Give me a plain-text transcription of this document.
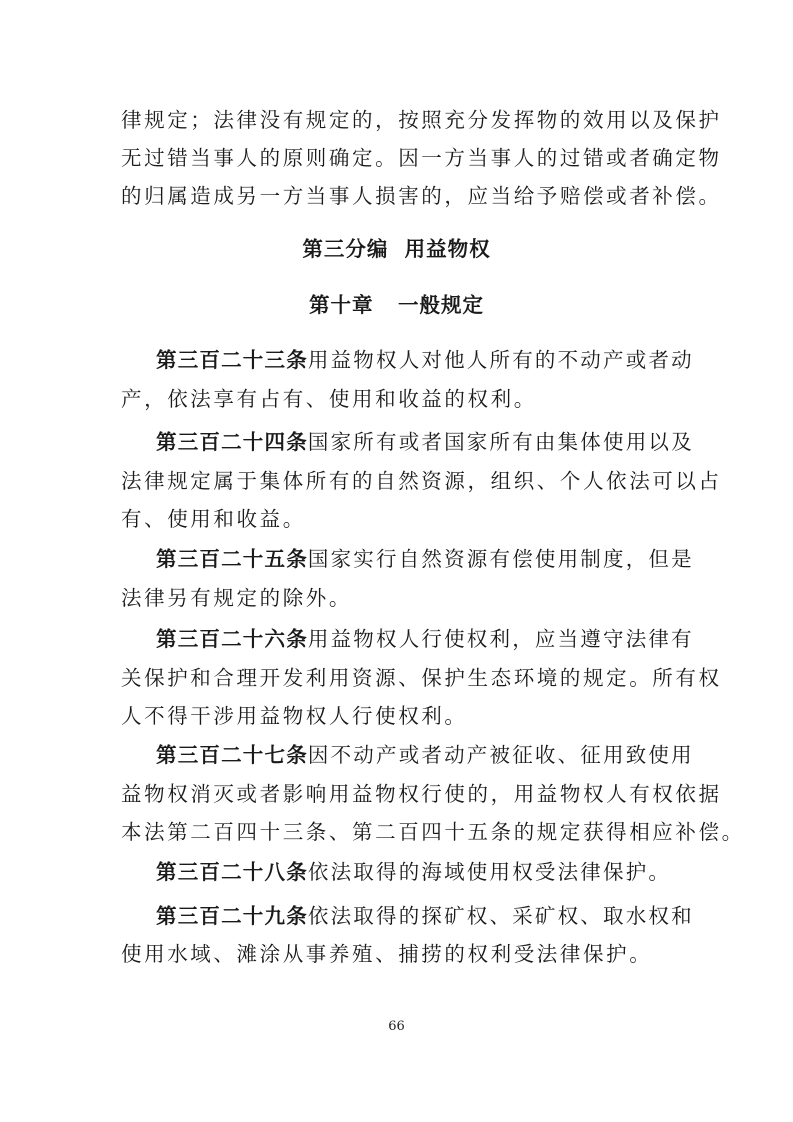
律规定；法律没有规定的，按照充分发挥物的效用以及保护
无过错当事人的原则确定。因一方当事人的过错或者确定物
的归属造成另一方当事人损害的，应当给予赔偿或者补偿。
第三分编  用益物权
第十章   一般规定
第三百二十三条用益物权人对他人所有的不动产或者动
产，依法享有占有、使用和收益的权利。
第三百二十四条国家所有或者国家所有由集体使用以及
法律规定属于集体所有的自然资源，组织、个人依法可以占
有、使用和收益。
第三百二十五条国家实行自然资源有偿使用制度，但是
法律另有规定的除外。
第三百二十六条用益物权人行使权利，应当遵守法律有
关保护和合理开发利用资源、保护生态环境的规定。所有权
人不得干涉用益物权人行使权利。
第三百二十七条因不动产或者动产被征收、征用致使用
益物权消灭或者影响用益物权行使的，用益物权人有权依据
本法第二百四十三条、第二百四十五条的规定获得相应补偿。
第三百二十八条依法取得的海域使用权受法律保护。
第三百二十九条依法取得的探矿权、采矿权、取水权和
使用水域、滩涂从事养殖、捕捞的权利受法律保护。
66
